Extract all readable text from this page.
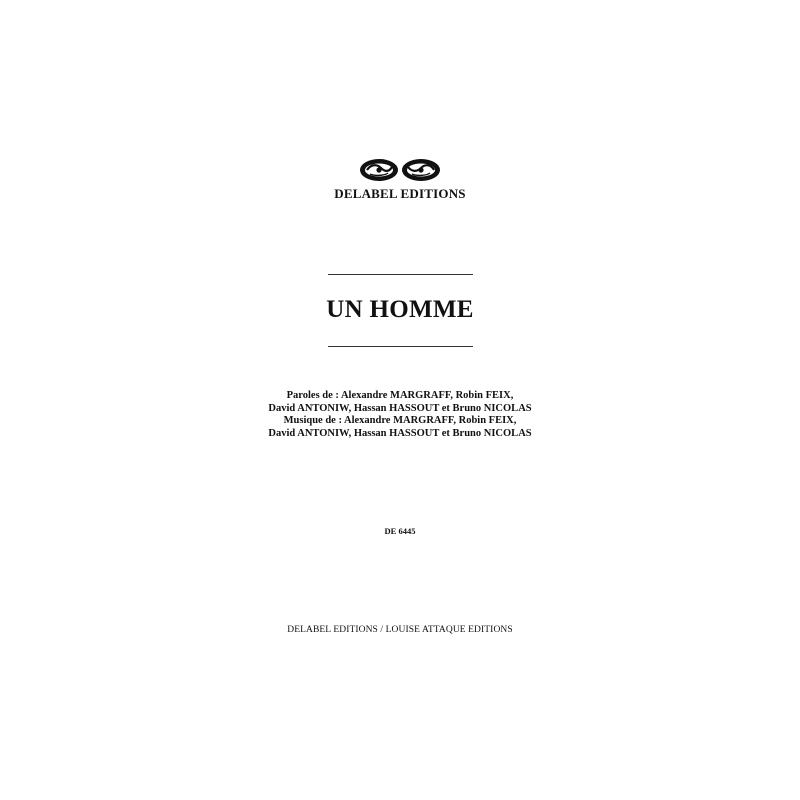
DELABEL EDITIONS
UN HOMME
Paroles de : Alexandre MARGRAFF, Robin FEIX,
David ANTONIW, Hassan HASSOUT et Bruno NICOLAS
Musique de : Alexandre MARGRAFF, Robin FEIX,
David ANTONIW, Hassan HASSOUT et Bruno NICOLAS
DE 6445
DELABEL EDITIONS / LOUISE ATTAQUE EDITIONS
